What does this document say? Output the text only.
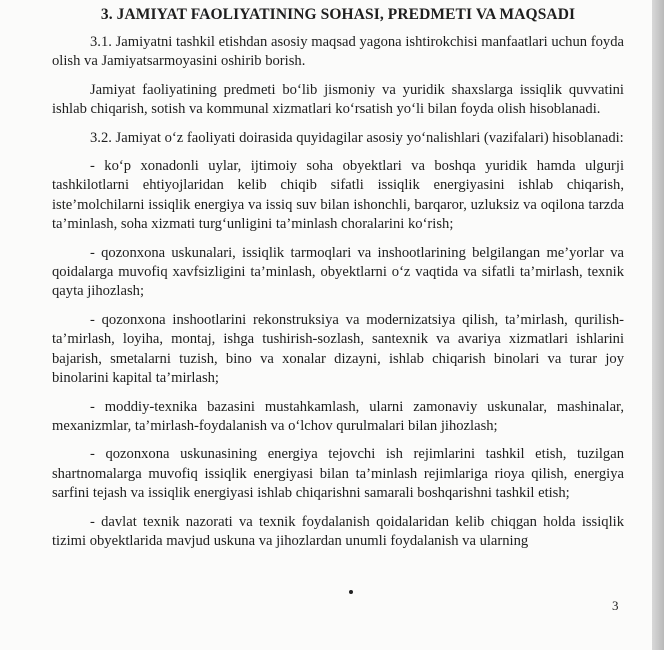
3. JAMIYAT FAOLIYATINING SOHASI, PREDMETI VA MAQSADI

3.1. Jamiyatni tashkil etishdan asosiy maqsad yagona ishtirokchisi manfaatlari uchun foyda olish va Jamiyatsarmoyasini oshirib borish.

Jamiyat faoliyatining predmeti bo‘lib jismoniy va yuridik shaxslarga issiqlik quvvatini ishlab chiqarish, sotish va kommunal xizmatlari ko‘rsatish yo‘li bilan foyda olish hisoblanadi.

3.2. Jamiyat o‘z faoliyati doirasida quyidagilar asosiy yo‘nalishlari (vazifalari) hisoblanadi:

- ko‘p xonadonli uylar, ijtimoiy soha obyektlari va boshqa yuridik hamda ulgurji tashkilotlarni ehtiyojlaridan kelib chiqib sifatli issiqlik energiyasini ishlab chiqarish, iste’molchilarni issiqlik energiya va issiq suv bilan ishonchli, barqaror, uzluksiz va oqilona tarzda ta’minlash, soha xizmati turg‘unligini ta’minlash choralarini ko‘rish;

- qozonxona uskunalari, issiqlik tarmoqlari va inshootlarining belgilangan me’yorlar va qoidalarga muvofiq xavfsizligini ta’minlash, obyektlarni o‘z vaqtida va sifatli ta’mirlash, texnik qayta jihozlash;

- qozonxona inshootlarini rekonstruksiya va modernizatsiya qilish, ta’mirlash, qurilish-ta’mirlash, loyiha, montaj, ishga tushirish-sozlash, santexnik va avariya xizmatlari ishlarini bajarish, smetalarni tuzish, bino va xonalar dizayni, ishlab chiqarish binolari va turar joy binolarini kapital ta’mirlash;

- moddiy-texnika bazasini mustahkamlash, ularni zamonaviy uskunalar, mashinalar, mexanizmlar, ta’mirlash-foydalanish va o‘lchov qurulmalari bilan jihozlash;

- qozonxona uskunasining energiya tejovchi ish rejimlarini tashkil etish, tuzilgan shartnomalarga muvofiq issiqlik energiyasi bilan ta’minlash rejimlariga rioya qilish, energiya sarfini tejash va issiqlik energiyasi ishlab chiqarishni samarali boshqarishni tashkil etish;

- davlat texnik nazorati va texnik foydalanish qoidalaridan kelib chiqgan holda issiqlik tizimi obyektlarida mavjud uskuna va jihozlardan unumli foydalanish va ularning

3
